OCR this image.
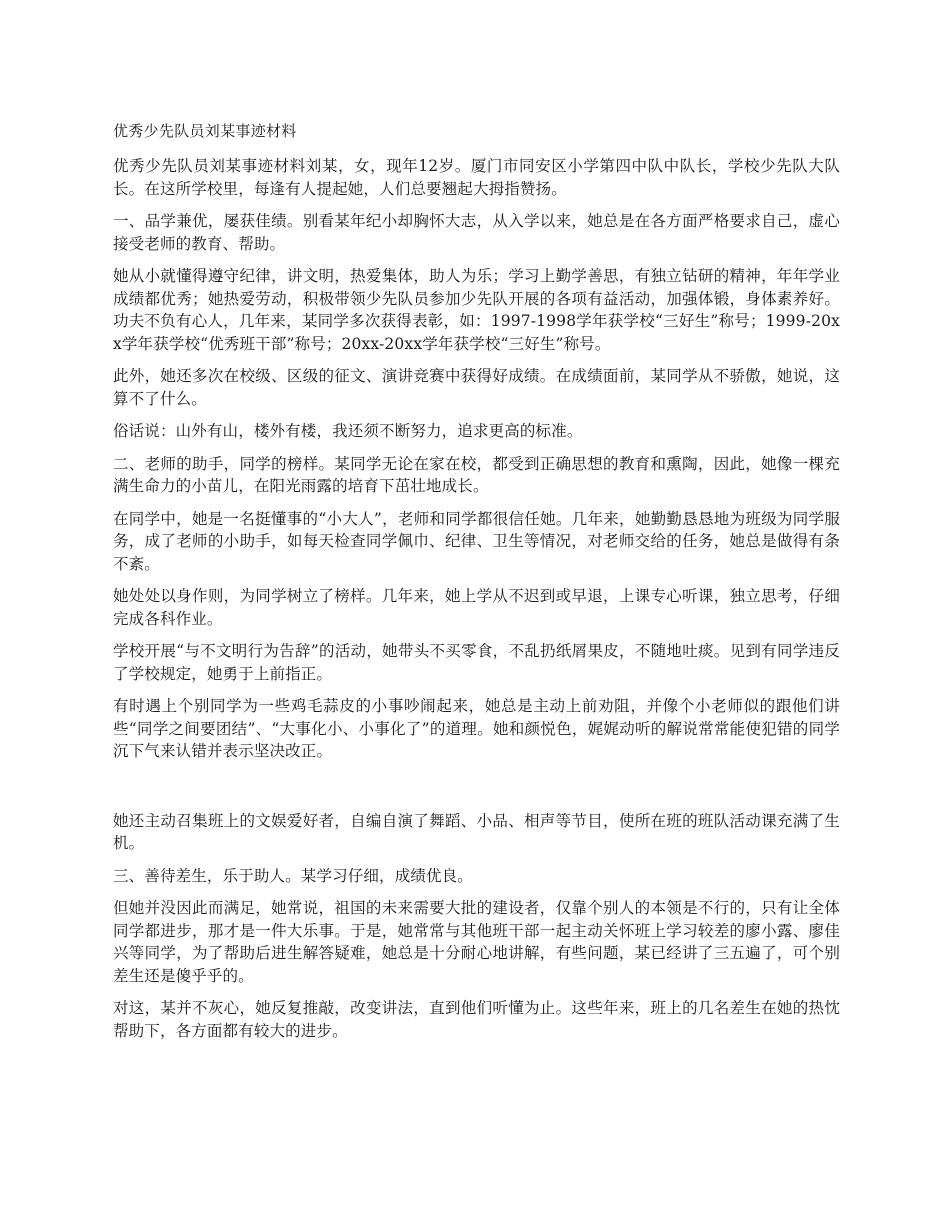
优秀少先队员刘某事迹材料

优秀少先队员刘某事迹材料刘某，女，现年12岁。厦门市同安区小学第四中队中队长，学校少先队大队长。在这所学校里，每逢有人提起她，人们总要翘起大拇指赞扬。

一、品学兼优，屡获佳绩。别看某年纪小却胸怀大志，从入学以来，她总是在各方面严格要求自己，虚心接受老师的教育、帮助。

她从小就懂得遵守纪律，讲文明，热爱集体，助人为乐；学习上勤学善思，有独立钻研的精神，年年学业成绩都优秀；她热爱劳动，积极带领少先队员参加少先队开展的各项有益活动，加强体锻，身体素养好。功夫不负有心人，几年来，某同学多次获得表彰，如：1997-1998学年获学校“三好生”称号；1999-20xx学年获学校“优秀班干部”称号；20xx-20xx学年获学校“三好生”称号。

此外，她还多次在校级、区级的征文、演讲竞赛中获得好成绩。在成绩面前，某同学从不骄傲，她说，这算不了什么。

俗话说：山外有山，楼外有楼，我还须不断努力，追求更高的标准。

二、老师的助手，同学的榜样。某同学无论在家在校，都受到正确思想的教育和熏陶，因此，她像一棵充满生命力的小苗儿，在阳光雨露的培育下茁壮地成长。

在同学中，她是一名挺懂事的“小大人”，老师和同学都很信任她。几年来，她勤勤恳恳地为班级为同学服务，成了老师的小助手，如每天检查同学佩巾、纪律、卫生等情况，对老师交给的任务，她总是做得有条不紊。

她处处以身作则，为同学树立了榜样。几年来，她上学从不迟到或早退，上课专心听课，独立思考，仔细完成各科作业。

学校开展“与不文明行为告辞”的活动，她带头不买零食，不乱扔纸屑果皮，不随地吐痰。见到有同学违反了学校规定，她勇于上前指正。

有时遇上个别同学为一些鸡毛蒜皮的小事吵闹起来，她总是主动上前劝阻，并像个小老师似的跟他们讲些“同学之间要团结”、“大事化小、小事化了”的道理。她和颜悦色，娓娓动听的解说常常能使犯错的同学沉下气来认错并表示坚决改正。

她还主动召集班上的文娱爱好者，自编自演了舞蹈、小品、相声等节目，使所在班的班队活动课充满了生机。

三、善待差生，乐于助人。某学习仔细，成绩优良。

但她并没因此而满足，她常说，祖国的未来需要大批的建设者，仅靠个别人的本领是不行的，只有让全体同学都进步，那才是一件大乐事。于是，她常常与其他班干部一起主动关怀班上学习较差的廖小露、廖佳兴等同学，为了帮助后进生解答疑难，她总是十分耐心地讲解，有些问题，某已经讲了三五遍了，可个别差生还是傻乎乎的。

对这，某并不灰心，她反复推敲，改变讲法，直到他们听懂为止。这些年来，班上的几名差生在她的热忱帮助下，各方面都有较大的进步。
